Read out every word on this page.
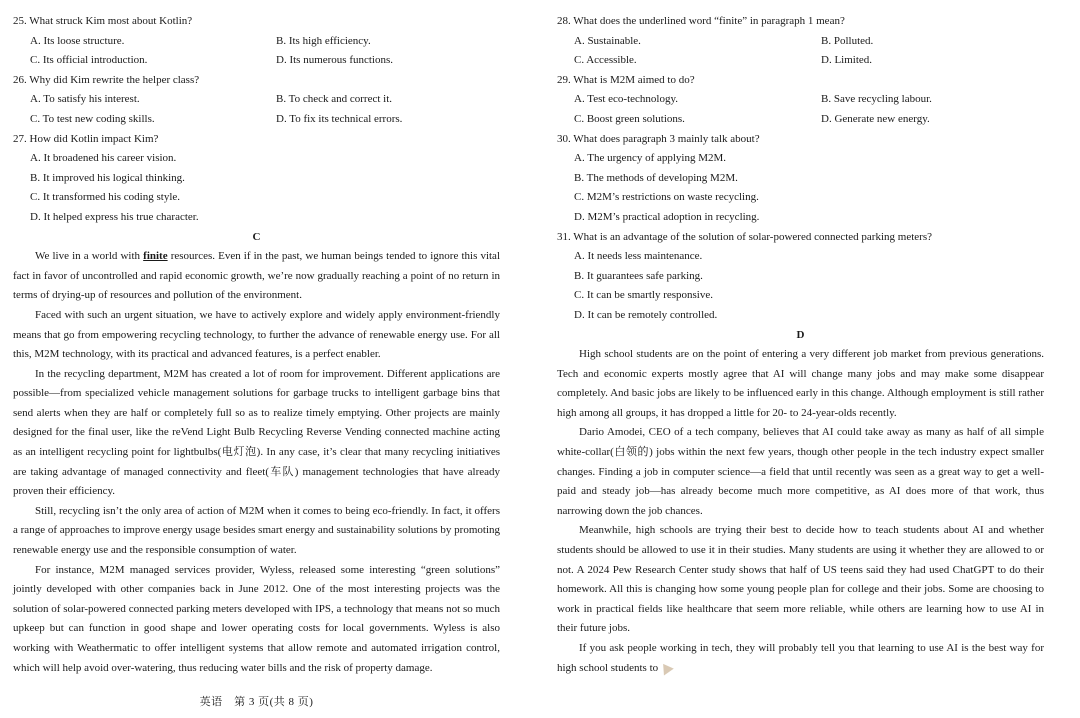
25. What struck Kim most about Kotlin?
A. Its loose structure.	B. Its high efficiency.
C. Its official introduction.	D. Its numerous functions.
26. Why did Kim rewrite the helper class?
A. To satisfy his interest.	B. To check and correct it.
C. To test new coding skills.	D. To fix its technical errors.
27. How did Kotlin impact Kim?
A. It broadened his career vision.
B. It improved his logical thinking.
C. It transformed his coding style.
D. It helped express his true character.
C

We live in a world with finite resources. Even if in the past, we human beings tended to ignore this vital fact in favor of uncontrolled and rapid economic growth, we’re now gradually reaching a point of no return in terms of drying-up of resources and pollution of the environment.

Faced with such an urgent situation, we have to actively explore and widely apply environment-friendly means that go from empowering recycling technology, to further the advance of renewable energy use. For all this, M2M technology, with its practical and advanced features, is a perfect enabler.

In the recycling department, M2M has created a lot of room for improvement. Different applications are possible—from specialized vehicle management solutions for garbage trucks to intelligent garbage bins that send alerts when they are half or completely full so as to realize timely emptying. Other projects are mainly designed for the final user, like the reVend Light Bulb Recycling Reverse Vending connected machine acting as an intelligent recycling point for lightbulbs(电灯泡). In any case, it’s clear that many recycling initiatives are taking advantage of managed connectivity and fleet(车队) management technologies that have already proven their efficiency.

Still, recycling isn’t the only area of action of M2M when it comes to being eco-friendly. In fact, it offers a range of approaches to improve energy usage besides smart energy and sustainability solutions by promoting renewable energy use and the responsible consumption of water.

For instance, M2M managed services provider, Wyless, released some interesting “green solutions” jointly developed with other companies back in June 2012. One of the most interesting projects was the solution of solar-powered connected parking meters developed with IPS, a technology that means not so much upkeep but can function in good shape and lower operating costs for local governments. Wyless is also working with Weathermatic to offer intelligent systems that allow remote and automated irrigation control, which will help avoid over-watering, thus reducing water bills and the risk of property damage.

28. What does the underlined word “finite” in paragraph 1 mean?
A. Sustainable.	B. Polluted.
C. Accessible.	D. Limited.
29. What is M2M aimed to do?
A. Test eco-technology.	B. Save recycling labour.
C. Boost green solutions.	D. Generate new energy.
30. What does paragraph 3 mainly talk about?
A. The urgency of applying M2M.
B. The methods of developing M2M.
C. M2M’s restrictions on waste recycling.
D. M2M’s practical adoption in recycling.
31. What is an advantage of the solution of solar-powered connected parking meters?
A. It needs less maintenance.
B. It guarantees safe parking.
C. It can be smartly responsive.
D. It can be remotely controlled.
D

High school students are on the point of entering a very different job market from previous generations. Tech and economic experts mostly agree that AI will change many jobs and may make some disappear completely. And basic jobs are likely to be influenced early in this change. Although employment is still rather high among all groups, it has dropped a little for 20- to 24-year-olds recently.

Dario Amodei, CEO of a tech company, believes that AI could take away as many as half of all simple white-collar(白领的) jobs within the next few years, though other people in the tech industry expect smaller changes. Finding a job in computer science—a field that until recently was seen as a great way to get a well-paid and steady job—has already become much more competitive, as AI does more of that work, thus narrowing down the job chances.

Meanwhile, high schools are trying their best to decide how to teach students about AI and whether students should be allowed to use it in their studies. Many students are using it whether they are allowed to or not. A 2024 Pew Research Center study shows that half of US teens said they had used ChatGPT to do their homework. All this is changing how some young people plan for college and their jobs. Some are choosing to work in practical fields like healthcare that seem more reliable, while others are learning how to use AI in their future jobs.

If you ask people working in tech, they will probably tell you that learning to use AI is the best way for high school students to

英语　第 3 页(共 8 页)
